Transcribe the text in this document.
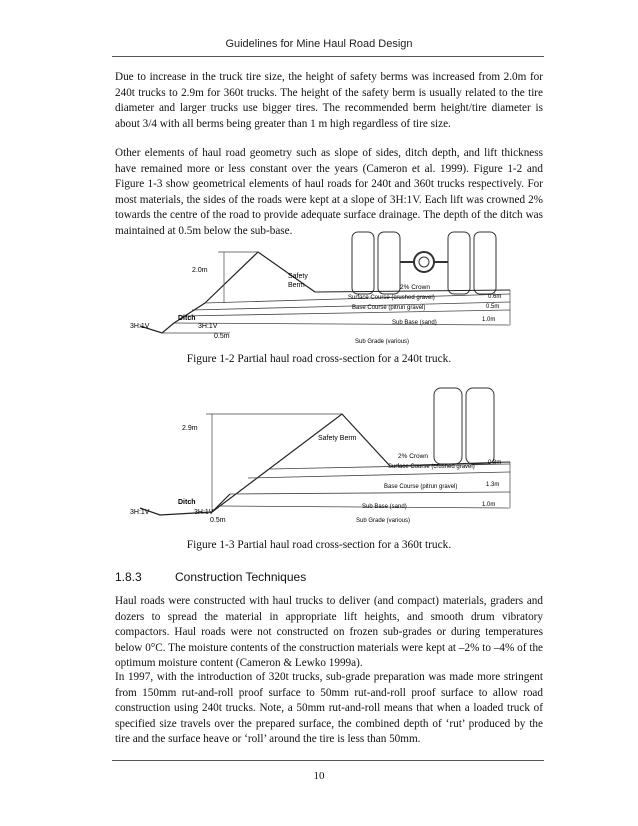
Guidelines for Mine Haul Road Design

Due to increase in the truck tire size, the height of safety berms was increased from 2.0m for 240t trucks to 2.9m for 360t trucks. The height of the safety berm is usually related to the tire diameter and larger trucks use bigger tires. The recommended berm height/tire diameter is about 3/4 with all berms being greater than 1 m high regardless of tire size.

Other elements of haul road geometry such as slope of sides, ditch depth, and lift thickness have remained more or less constant over the years (Cameron et al. 1999). Figure 1-2 and Figure 1-3 show geometrical elements of haul roads for 240t and 360t trucks respectively. For most materials, the sides of the roads were kept at a slope of 3H:1V. Each lift was crowned 2% towards the centre of the road to provide adequate surface drainage. The depth of the ditch was maintained at 0.5m below the sub-base.

2.0m
Safety
Berm	2% Crown
Surface Course (crushed gravel)
Base Course (pitrun gravel)
Sub Base (sand)
Sub Grade (various)
0.6m
0.5m
1.0m
Ditch
3H:1V	3H:1V
0.5m

Figure 1-2 Partial haul road cross-section for a 240t truck.

2.9m
Safety Berm
2% Crown
Surface Course (crushed gravel)
Base Course (pitrun gravel)
Sub Base (sand)
Sub Grade (various)
0.8m
1.3m
1.0m
Ditch
3H:1V	3H:1V
0.5m

Figure 1-3 Partial haul road cross-section for a 360t truck.

1.8.3	Construction Techniques

Haul roads were constructed with haul trucks to deliver (and compact) materials, graders and dozers to spread the material in appropriate lift heights, and smooth drum vibratory compactors. Haul roads were not constructed on frozen sub-grades or during temperatures below 0°C. The moisture contents of the construction materials were kept at –2% to –4% of the optimum moisture content (Cameron & Lewko 1999a).

In 1997, with the introduction of 320t trucks, sub-grade preparation was made more stringent from 150mm rut-and-roll proof surface to 50mm rut-and-roll proof surface to allow road construction using 240t trucks. Note, a 50mm rut-and-roll means that when a loaded truck of specified size travels over the prepared surface, the combined depth of ‘rut’ produced by the tire and the surface heave or ‘roll’ around the tire is less than 50mm.

10
